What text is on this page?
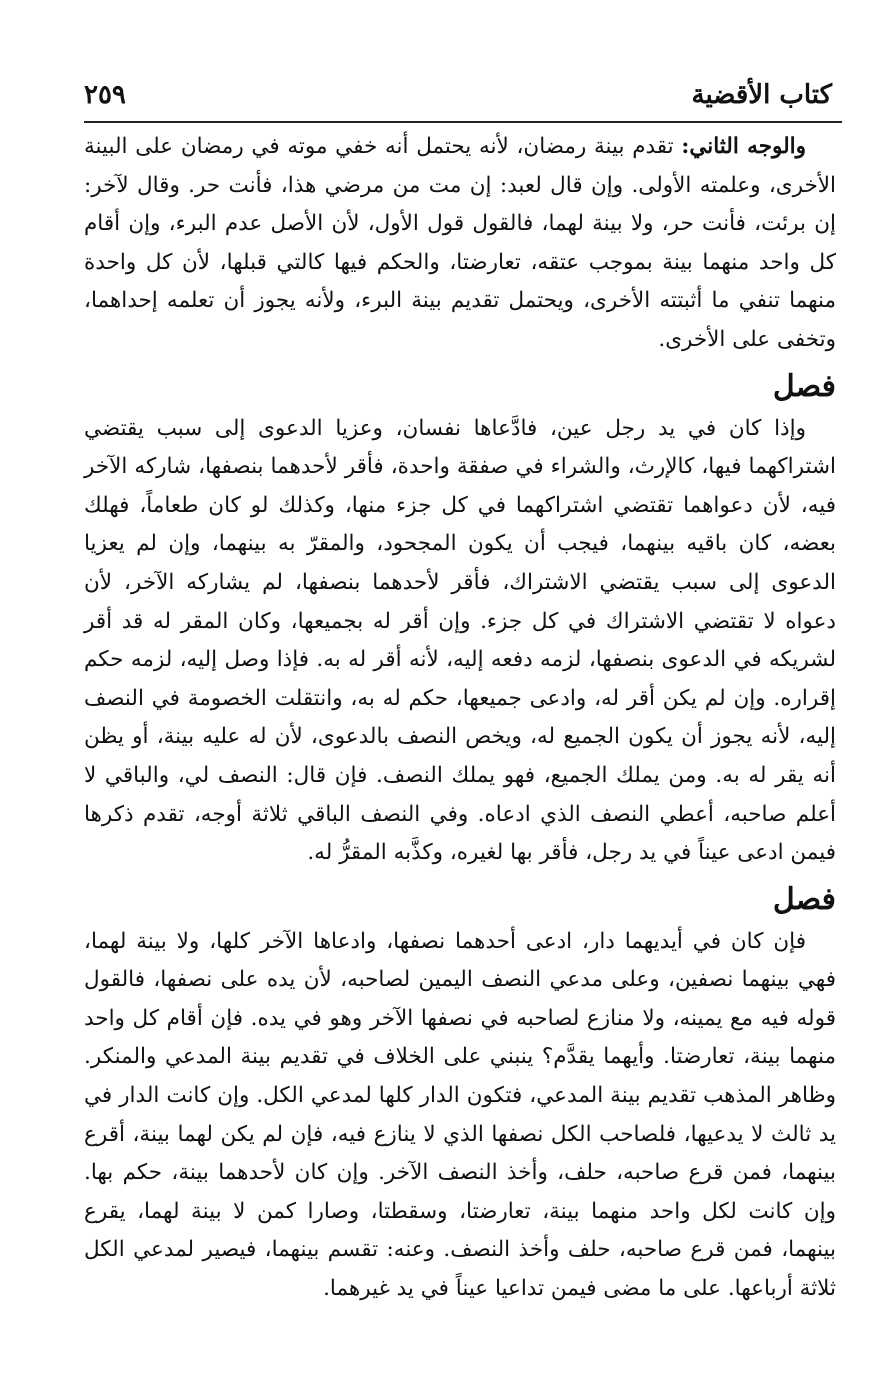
كتاب الأقضية
٢٥٩

والوجه الثاني: تقدم بينة رمضان، لأنه يحتمل أنه خفي موته في رمضان على البينة الأخرى، وعلمته الأولى. وإن قال لعبد: إن مت من مرضي هذا، فأنت حر. وقال لآخر: إن برئت، فأنت حر، ولا بينة لهما، فالقول قول الأول، لأن الأصل عدم البرء، وإن أقام كل واحد منهما بينة بموجب عتقه، تعارضتا، والحكم فيها كالتي قبلها، لأن كل واحدة منهما تنفي ما أثبتته الأخرى، ويحتمل تقديم بينة البرء، ولأنه يجوز أن تعلمه إحداهما، وتخفى على الأخرى.

فصل

وإذا كان في يد رجل عين، فادَّعاها نفسان، وعزيا الدعوى إلى سبب يقتضي اشتراكهما فيها، كالإرث، والشراء في صفقة واحدة، فأقر لأحدهما بنصفها، شاركه الآخر فيه، لأن دعواهما تقتضي اشتراكهما في كل جزء منها، وكذلك لو كان طعاماً، فهلك بعضه، كان باقيه بينهما، فيجب أن يكون المجحود، والمقرّ به بينهما، وإن لم يعزيا الدعوى إلى سبب يقتضي الاشتراك، فأقر لأحدهما بنصفها، لم يشاركه الآخر، لأن دعواه لا تقتضي الاشتراك في كل جزء. وإن أقر له بجميعها، وكان المقر له قد أقر لشريكه في الدعوى بنصفها، لزمه دفعه إليه، لأنه أقر له به. فإذا وصل إليه، لزمه حكم إقراره. وإن لم يكن أقر له، وادعى جميعها، حكم له به، وانتقلت الخصومة في النصف إليه، لأنه يجوز أن يكون الجميع له، ويخص النصف بالدعوى، لأن له عليه بينة، أو يظن أنه يقر له به. ومن يملك الجميع، فهو يملك النصف. فإن قال: النصف لي، والباقي لا أعلم صاحبه، أعطي النصف الذي ادعاه. وفي النصف الباقي ثلاثة أوجه، تقدم ذكرها فيمن ادعى عيناً في يد رجل، فأقر بها لغيره، وكذَّبه المقرُّ له.

فصل

فإن كان في أيديهما دار، ادعى أحدهما نصفها، وادعاها الآخر كلها، ولا بينة لهما، فهي بينهما نصفين، وعلى مدعي النصف اليمين لصاحبه، لأن يده على نصفها، فالقول قوله فيه مع يمينه، ولا منازع لصاحبه في نصفها الآخر وهو في يده. فإن أقام كل واحد منهما بينة، تعارضتا. وأيهما يقدَّم؟ ينبني على الخلاف في تقديم بينة المدعي والمنكر. وظاهر المذهب تقديم بينة المدعي، فتكون الدار كلها لمدعي الكل. وإن كانت الدار في يد ثالث لا يدعيها، فلصاحب الكل نصفها الذي لا ينازع فيه، فإن لم يكن لهما بينة، أقرع بينهما، فمن قرع صاحبه، حلف، وأخذ النصف الآخر. وإن كان لأحدهما بينة، حكم بها. وإن كانت لكل واحد منهما بينة، تعارضتا، وسقطتا، وصارا كمن لا بينة لهما، يقرع بينهما، فمن قرع صاحبه، حلف وأخذ النصف. وعنه: تقسم بينهما، فيصير لمدعي الكل ثلاثة أرباعها. على ما مضى فيمن تداعيا عيناً في يد غيرهما.
